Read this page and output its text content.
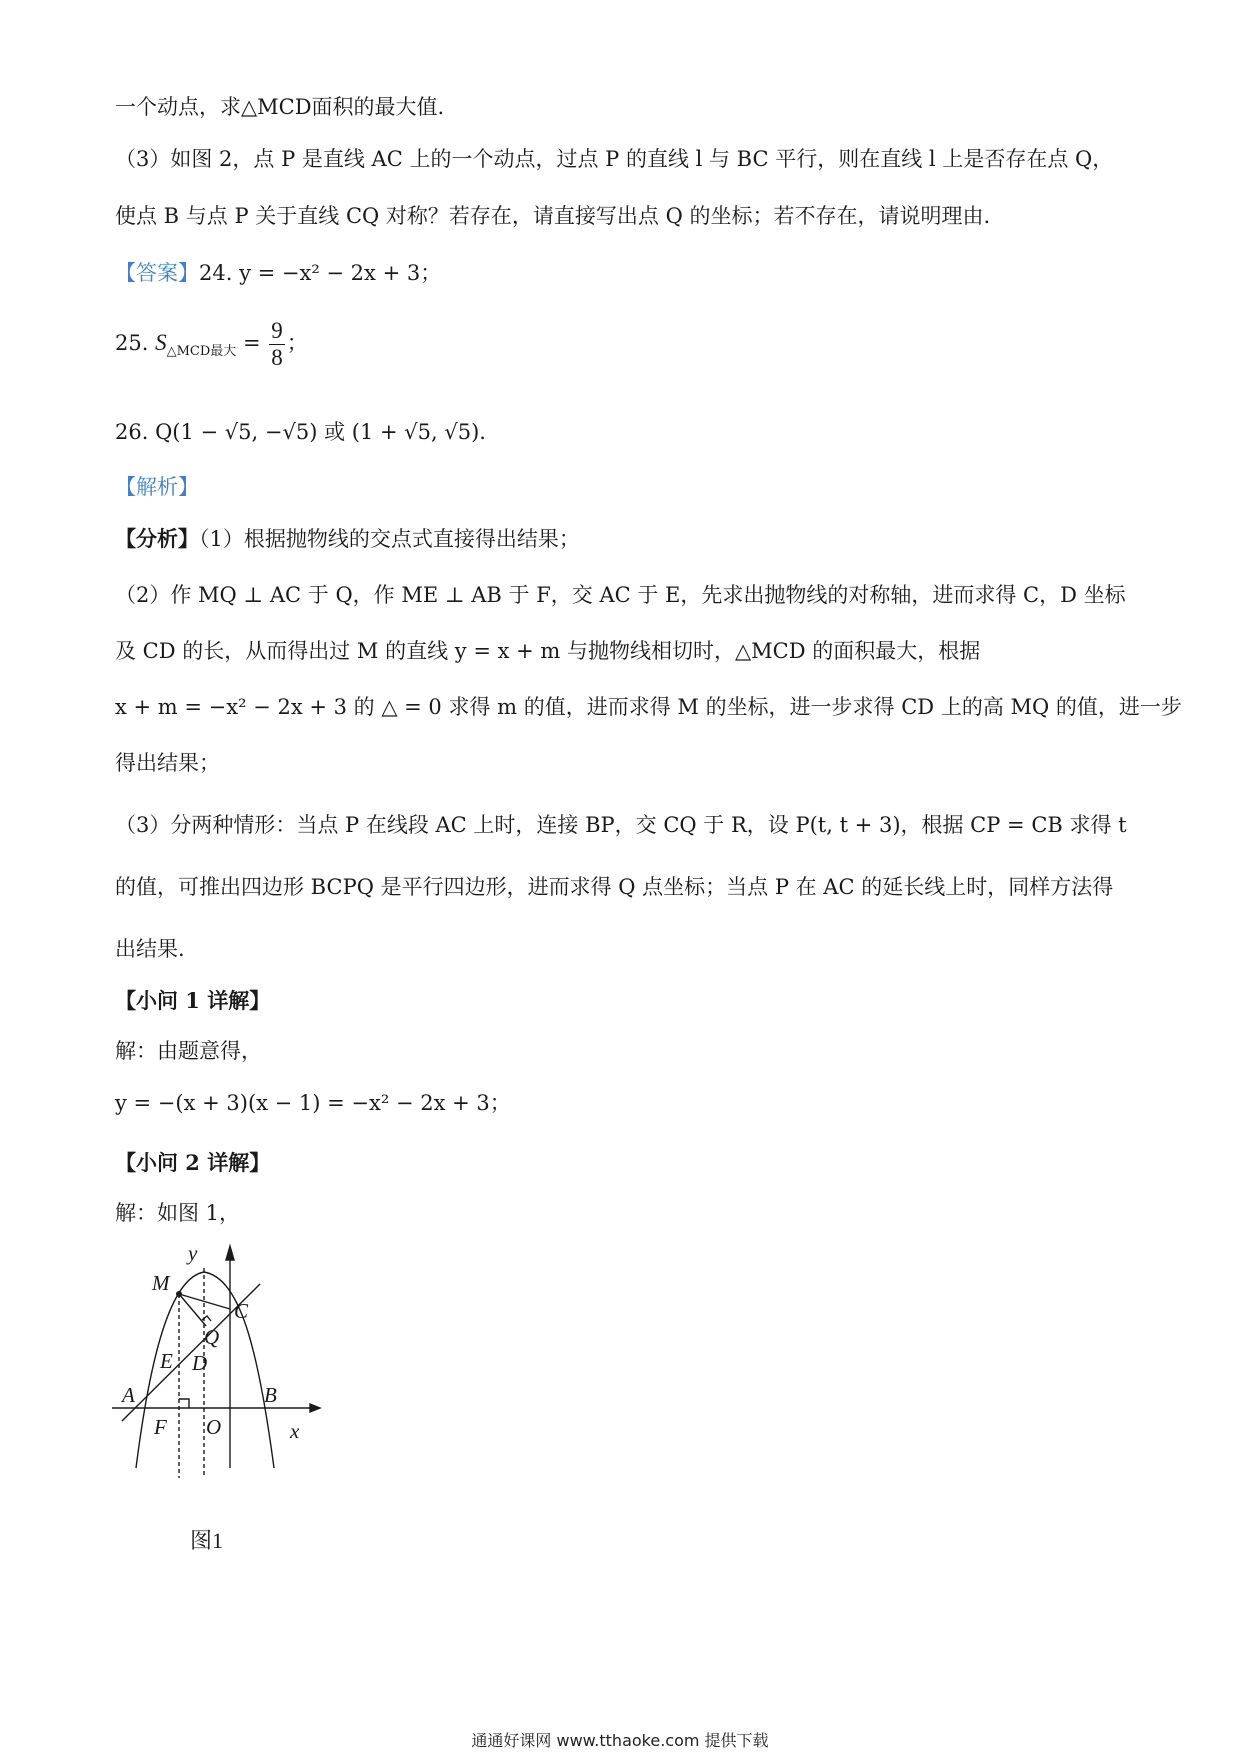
一个动点，求△MCD面积的最大值.
（3）如图 2，点 P 是直线 AC 上的一个动点，过点 P 的直线 l 与 BC 平行，则在直线 l 上是否存在点 Q，
使点 B 与点 P 关于直线 CQ 对称？若存在，请直接写出点 Q 的坐标；若不存在，请说明理由.
【答案】24. y = −x² − 2x + 3；
25. $S_{\triangle MCD最大} = \frac{9}{8}$ ；
26. Q(1 − √5, −√5) 或 (1 + √5, √5).
【解析】
【分析】（1）根据抛物线的交点式直接得出结果；
（2）作 MQ ⊥ AC 于 Q，作 ME ⊥ AB 于 F，交 AC 于 E，先求出抛物线的对称轴，进而求得 C，D 坐标
及 CD 的长，从而得出过 M 的直线 y = x + m 与抛物线相切时，△MCD 的面积最大，根据
x + m = −x² − 2x + 3 的 △ = 0 求得 m 的值，进而求得 M 的坐标，进一步求得 CD 上的高 MQ 的值，进一步
得出结果；
（3）分两种情形：当点 P 在线段 AC 上时，连接 BP，交 CQ 于 R，设 P(t, t + 3)，根据 CP = CB 求得 t
的值，可推出四边形 BCPQ 是平行四边形，进而求得 Q 点坐标；当点 P 在 AC 的延长线上时，同样方法得
出结果.
【小问 1 详解】
解：由题意得，
y = −(x + 3)(x − 1) = −x² − 2x + 3；
【小问 2 详解】
解：如图 1，
y
x
M
C
Q
E D
A	B
F O
图1
通通好课网 www.tthaoke.com 提供下载
